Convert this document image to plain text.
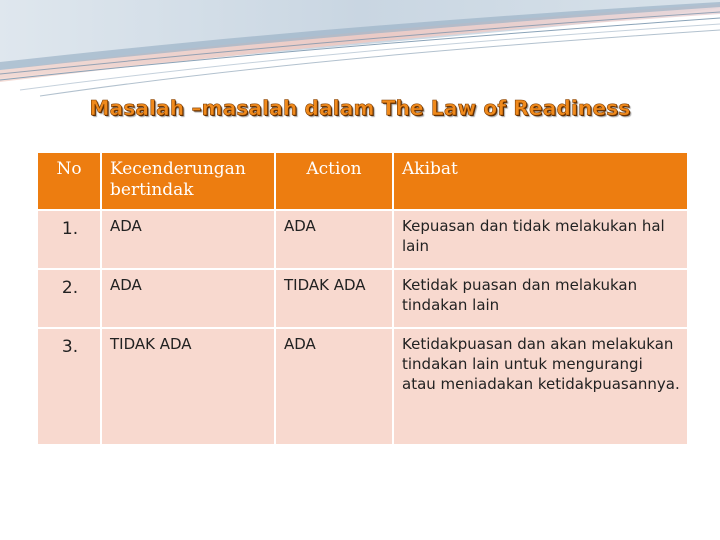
Masalah –masalah dalam The Law of Readiness
No	Kecenderungan bertindak	Action	Akibat
1.	ADA	ADA	Kepuasan dan tidak melakukan hal lain
2.	ADA	TIDAK ADA	Ketidak puasan dan melakukan tindakan lain
3.	TIDAK ADA	ADA	Ketidakpuasan dan akan melakukan tindakan lain untuk mengurangi atau meniadakan ketidakpuasannya.
